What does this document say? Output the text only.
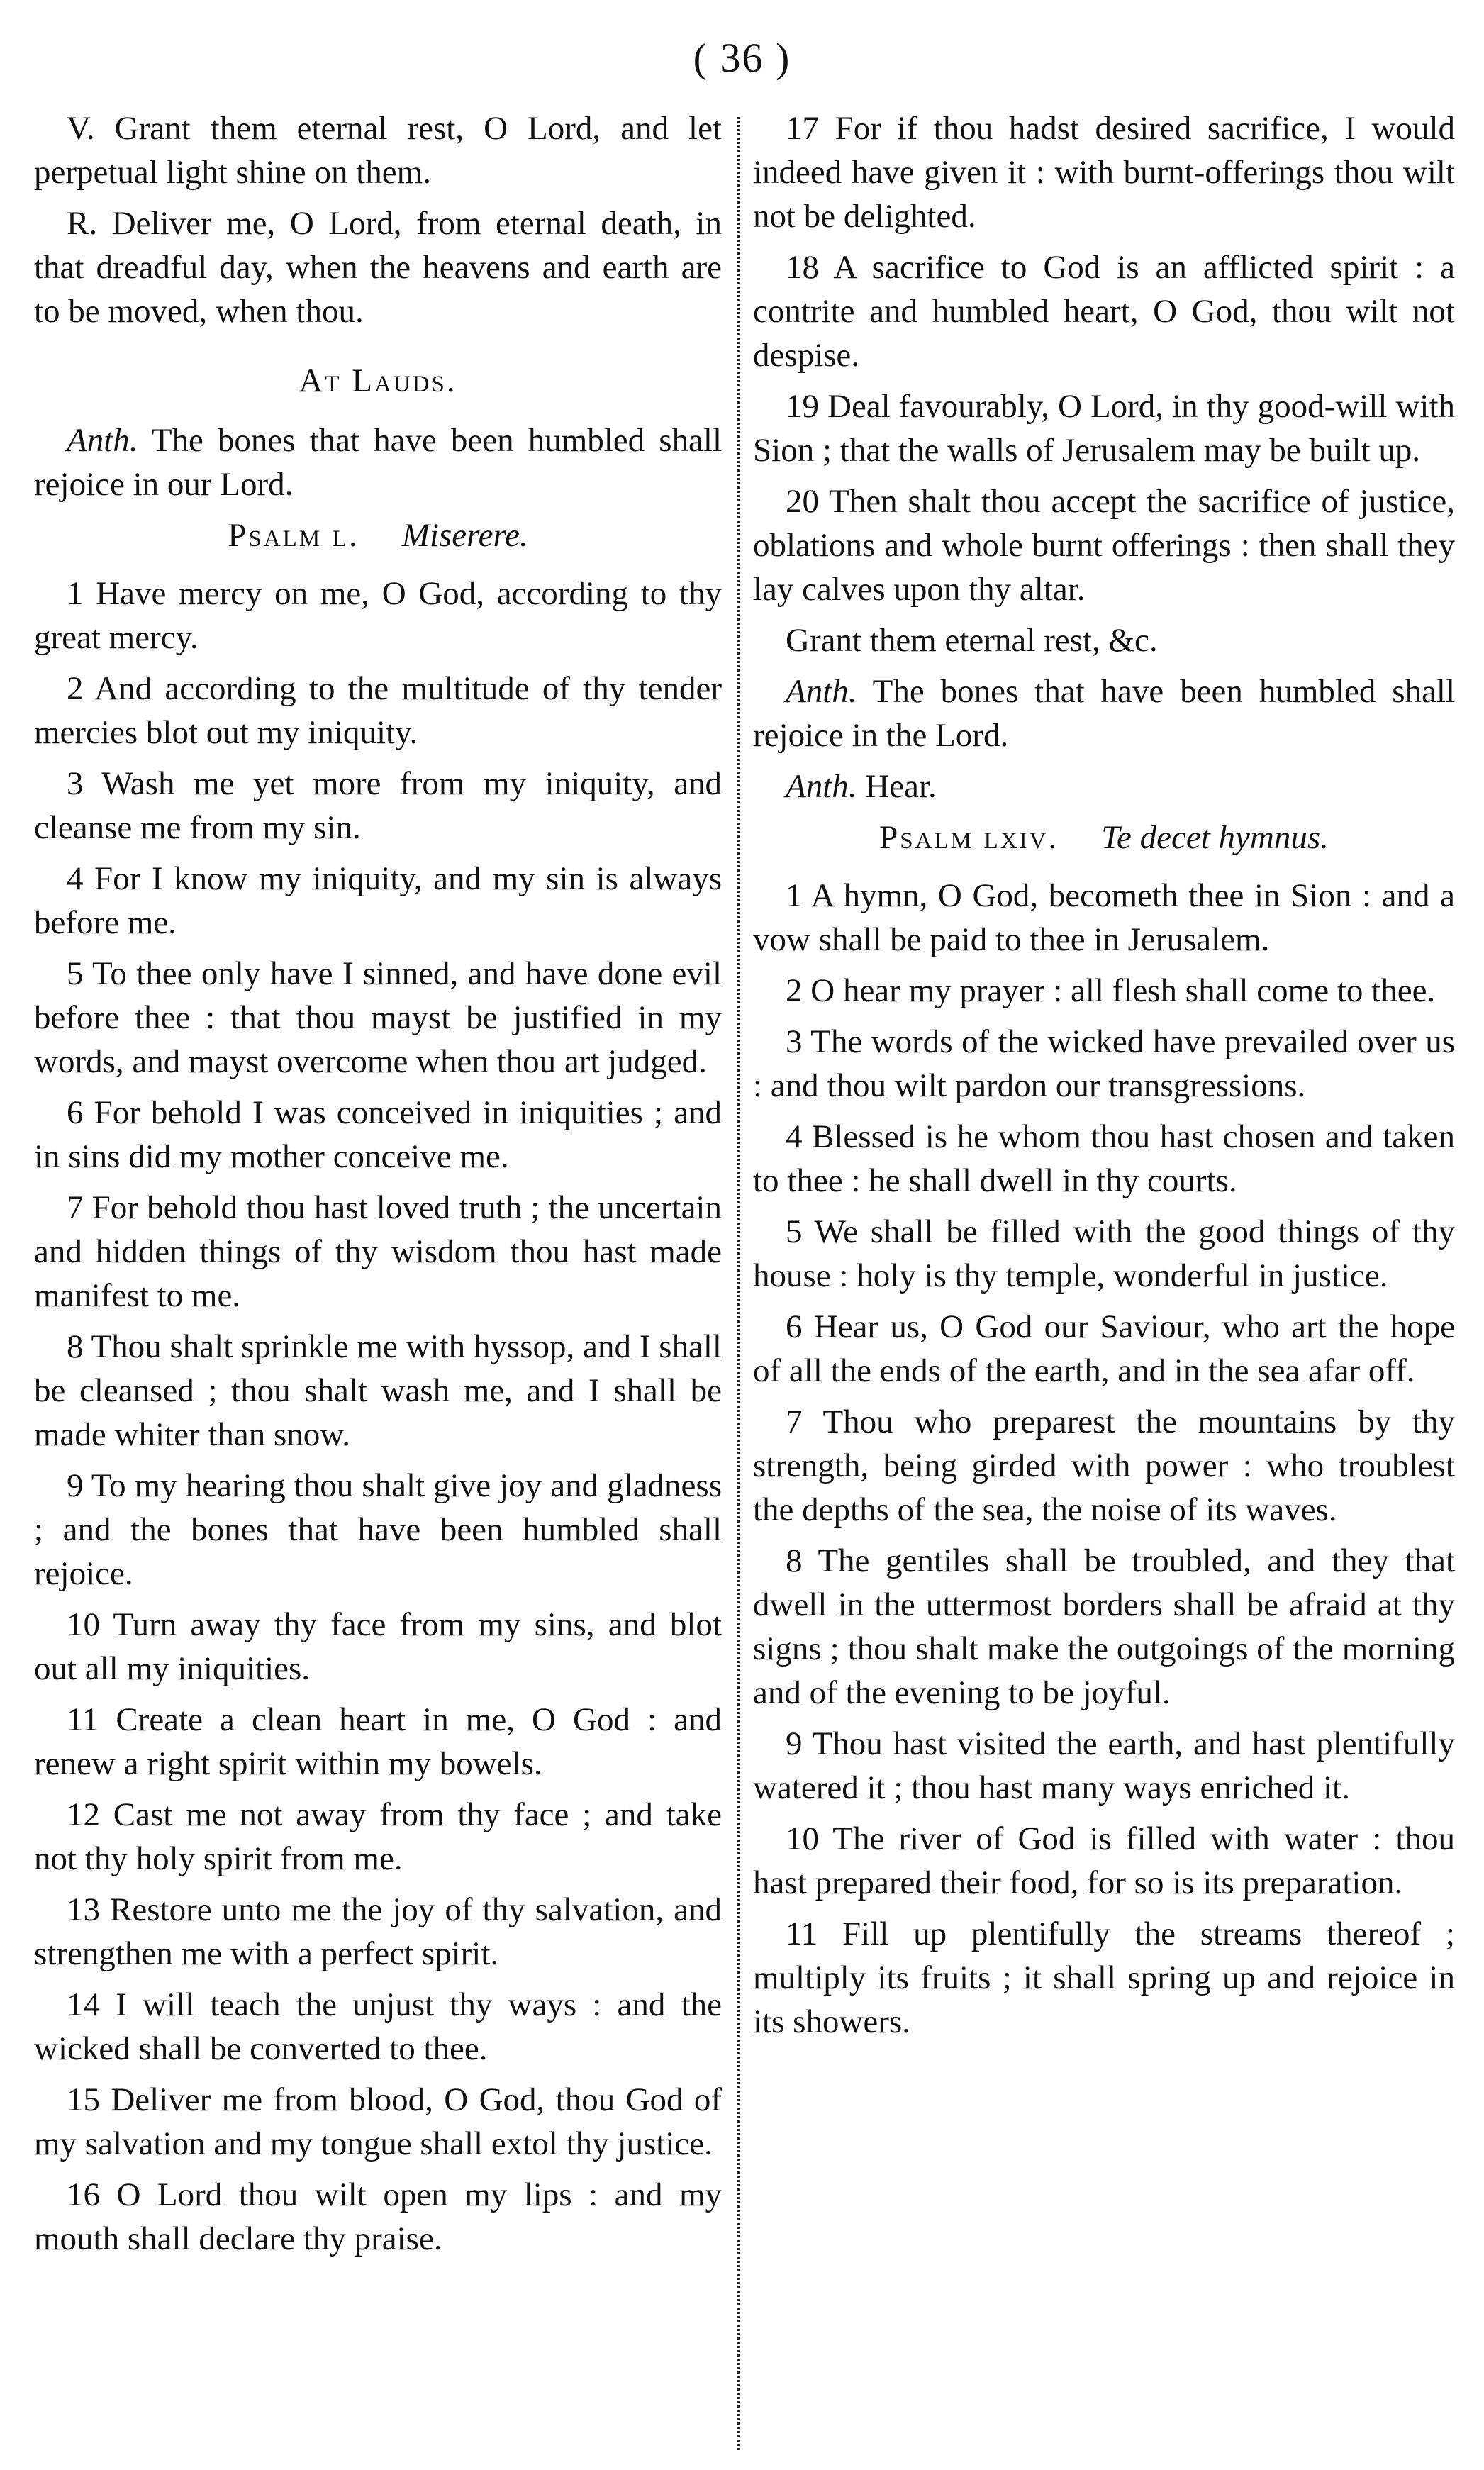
( 36 )

V. Grant them eternal rest, O Lord, and let perpetual light shine on them.

R. Deliver me, O Lord, from eternal death, in that dreadful day, when the heavens and earth are to be moved, when thou.

At Lauds.

Anth. The bones that have been humbled shall rejoice in our Lord.

Psalm l. Miserere.

1 Have mercy on me, O God, according to thy great mercy.

2 And according to the multitude of thy tender mercies blot out my iniquity.

3 Wash me yet more from my iniquity, and cleanse me from my sin.

4 For I know my iniquity, and my sin is always before me.

5 To thee only have I sinned, and have done evil before thee : that thou mayst be justified in my words, and mayst overcome when thou art judged.

6 For behold I was conceived in iniquities ; and in sins did my mother conceive me.

7 For behold thou hast loved truth ; the uncertain and hidden things of thy wisdom thou hast made manifest to me.

8 Thou shalt sprinkle me with hyssop, and I shall be cleansed ; thou shalt wash me, and I shall be made whiter than snow.

9 To my hearing thou shalt give joy and gladness ; and the bones that have been humbled shall rejoice.

10 Turn away thy face from my sins, and blot out all my iniquities.

11 Create a clean heart in me, O God : and renew a right spirit within my bowels.

12 Cast me not away from thy face ; and take not thy holy spirit from me.

13 Restore unto me the joy of thy salvation, and strengthen me with a perfect spirit.

14 I will teach the unjust thy ways : and the wicked shall be converted to thee.

15 Deliver me from blood, O God, thou God of my salvation and my tongue shall extol thy justice.

16 O Lord thou wilt open my lips : and my mouth shall declare thy praise.

17 For if thou hadst desired sacrifice, I would indeed have given it : with burnt-offerings thou wilt not be delighted.

18 A sacrifice to God is an afflicted spirit : a contrite and humbled heart, O God, thou wilt not despise.

19 Deal favourably, O Lord, in thy good-will with Sion ; that the walls of Jerusalem may be built up.

20 Then shalt thou accept the sacrifice of justice, oblations and whole burnt offerings : then shall they lay calves upon thy altar.

Grant them eternal rest, &c.

Anth. The bones that have been humbled shall rejoice in the Lord.

Anth. Hear.

Psalm lxiv. Te decet hymnus.

1 A hymn, O God, becometh thee in Sion : and a vow shall be paid to thee in Jerusalem.

2 O hear my prayer : all flesh shall come to thee.

3 The words of the wicked have prevailed over us : and thou wilt pardon our transgressions.

4 Blessed is he whom thou hast chosen and taken to thee : he shall dwell in thy courts.

5 We shall be filled with the good things of thy house : holy is thy temple, wonderful in justice.

6 Hear us, O God our Saviour, who art the hope of all the ends of the earth, and in the sea afar off.

7 Thou who preparest the mountains by thy strength, being girded with power : who troublest the depths of the sea, the noise of its waves.

8 The gentiles shall be troubled, and they that dwell in the uttermost borders shall be afraid at thy signs ; thou shalt make the outgoings of the morning and of the evening to be joyful.

9 Thou hast visited the earth, and hast plentifully watered it ; thou hast many ways enriched it.

10 The river of God is filled with water : thou hast prepared their food, for so is its preparation.

11 Fill up plentifully the streams thereof ; multiply its fruits ; it shall spring up and rejoice in its showers.
